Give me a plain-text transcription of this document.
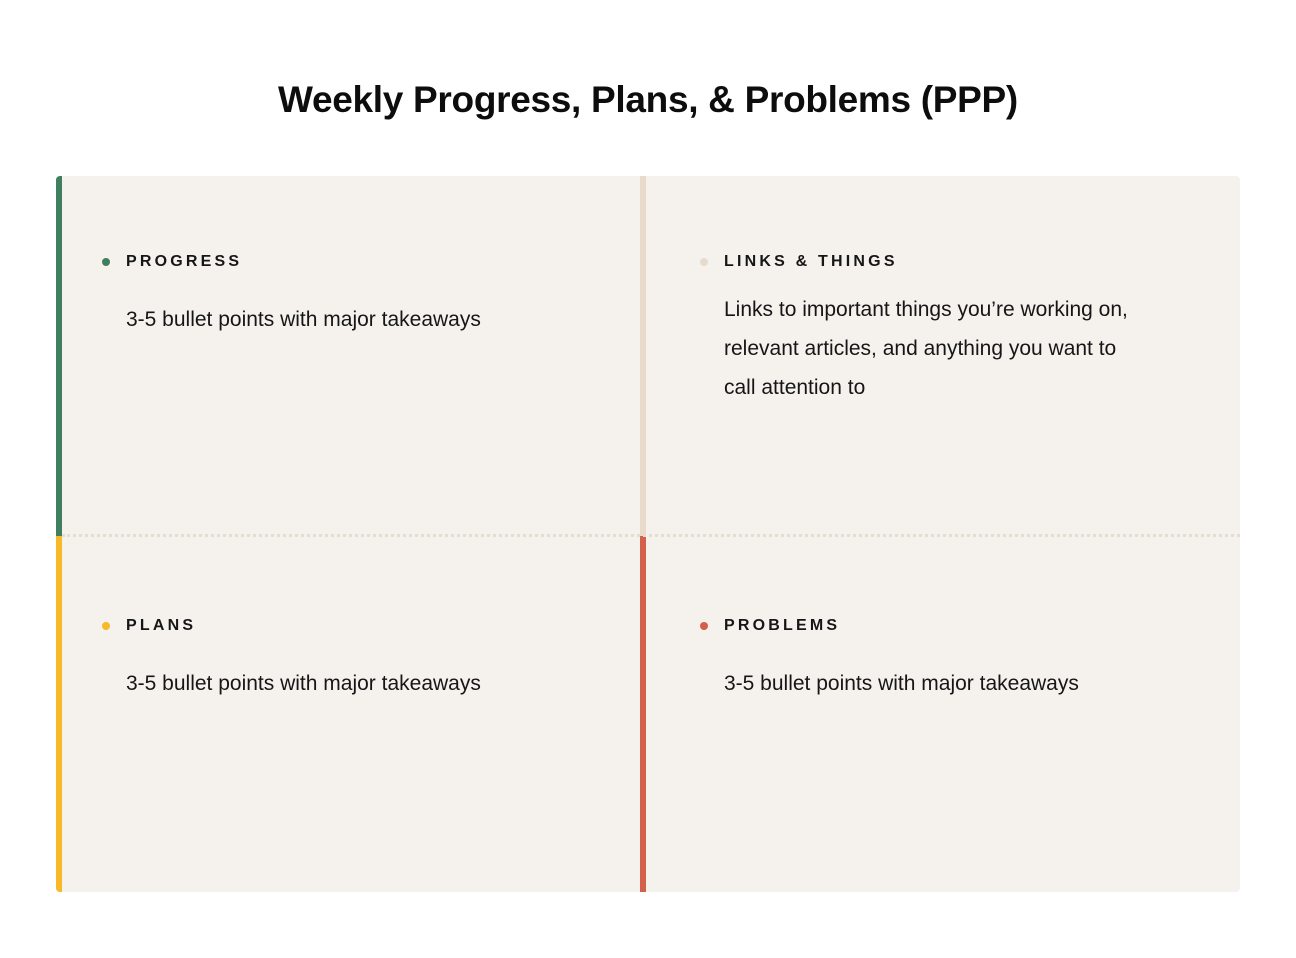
Weekly Progress, Plans, & Problems (PPP)
PROGRESS
3-5 bullet points with major takeaways
LINKS & THINGS
Links to important things you’re working on, relevant articles, and anything you want to call attention to
PLANS
3-5 bullet points with major takeaways
PROBLEMS
3-5 bullet points with major takeaways
